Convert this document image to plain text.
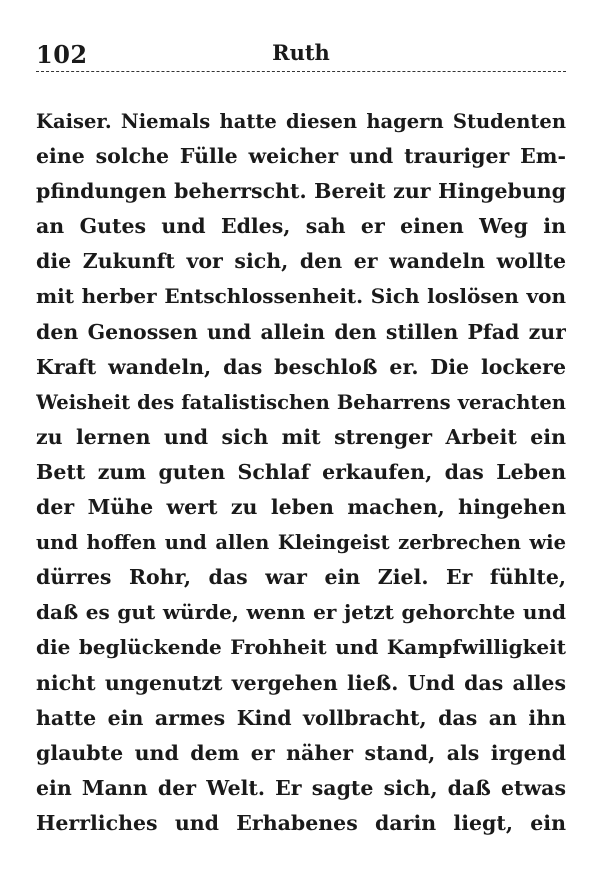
102	Ruth
Kaiser. Niemals hatte diesen hagern Studenten
eine solche Fülle weicher und trauriger Em-
pfindungen beherrscht. Bereit zur Hingebung
an Gutes und Edles, sah er einen Weg in
die Zukunft vor sich, den er wandeln wollte
mit herber Entschlossenheit. Sich loslösen von
den Genossen und allein den stillen Pfad zur
Kraft wandeln, das beschloß er. Die lockere
Weisheit des fatalistischen Beharrens verachten
zu lernen und sich mit strenger Arbeit ein
Bett zum guten Schlaf erkaufen, das Leben
der Mühe wert zu leben machen, hingehen
und hoffen und allen Kleingeist zerbrechen wie
dürres Rohr, das war ein Ziel. Er fühlte,
daß es gut würde, wenn er jetzt gehorchte und
die beglückende Frohheit und Kampfwilligkeit
nicht ungenutzt vergehen ließ. Und das alles
hatte ein armes Kind vollbracht, das an ihn
glaubte und dem er näher stand, als irgend
ein Mann der Welt. Er sagte sich, daß etwas
Herrliches und Erhabenes darin liegt, ein
